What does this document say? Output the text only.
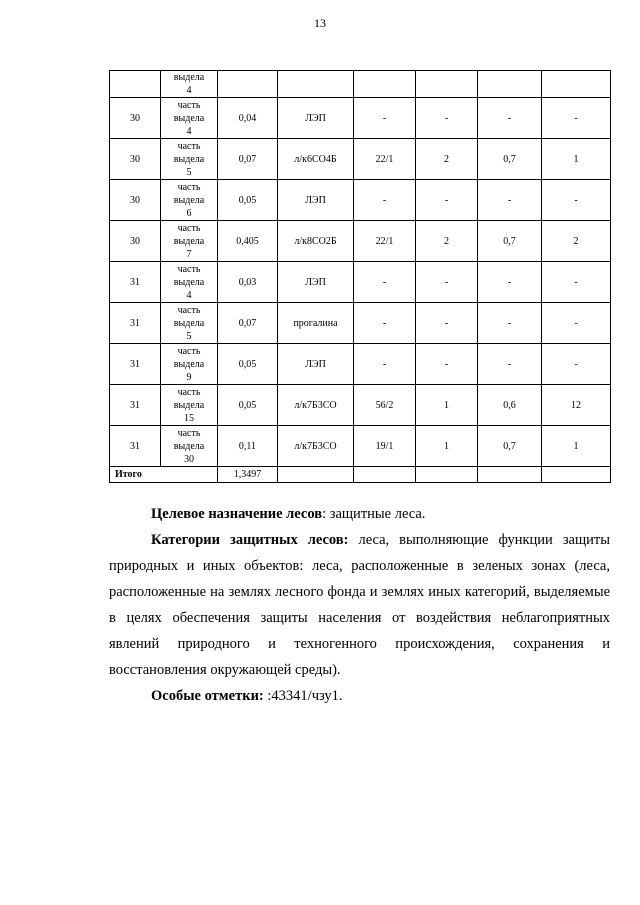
13

	выдела
4						

30	часть
выдела
4	0,04	ЛЭП	-	-	-	-
30	часть
выдела
5	0,07	л/к6СО4Б	22/1	2	0,7	1
30	часть
выдела
6	0,05	ЛЭП	-	-	-	-
30	часть
выдела
7	0,405	л/к8СО2Б	22/1	2	0,7	2
31	часть
выдела
4	0,03	ЛЭП	-	-	-	-
31	часть
выдела
5	0,07	прогалина	-	-	-	-
31	часть
выдела
9	0,05	ЛЭП	-	-	-	-
31	часть
выдела
15	0,05	л/к7Б3СО	56/2	1	0,6	12
31	часть
выдела
30	0,11	л/к7Б3СО	19/1	1	0,7	1
Итого		1,3497					

Целевое назначение лесов: защитные леса.

Категории защитных лесов: леса, выполняющие функции защиты природных и иных объектов: леса, расположенные в зеленых зонах (леса, расположенные на землях лесного фонда и землях иных категорий, выделяемые в целях обеспечения защиты населения от воздействия неблагоприятных явлений природного и техногенного происхождения, сохранения и восстановления окружающей среды).

Особые отметки: :43341/чзу1.
